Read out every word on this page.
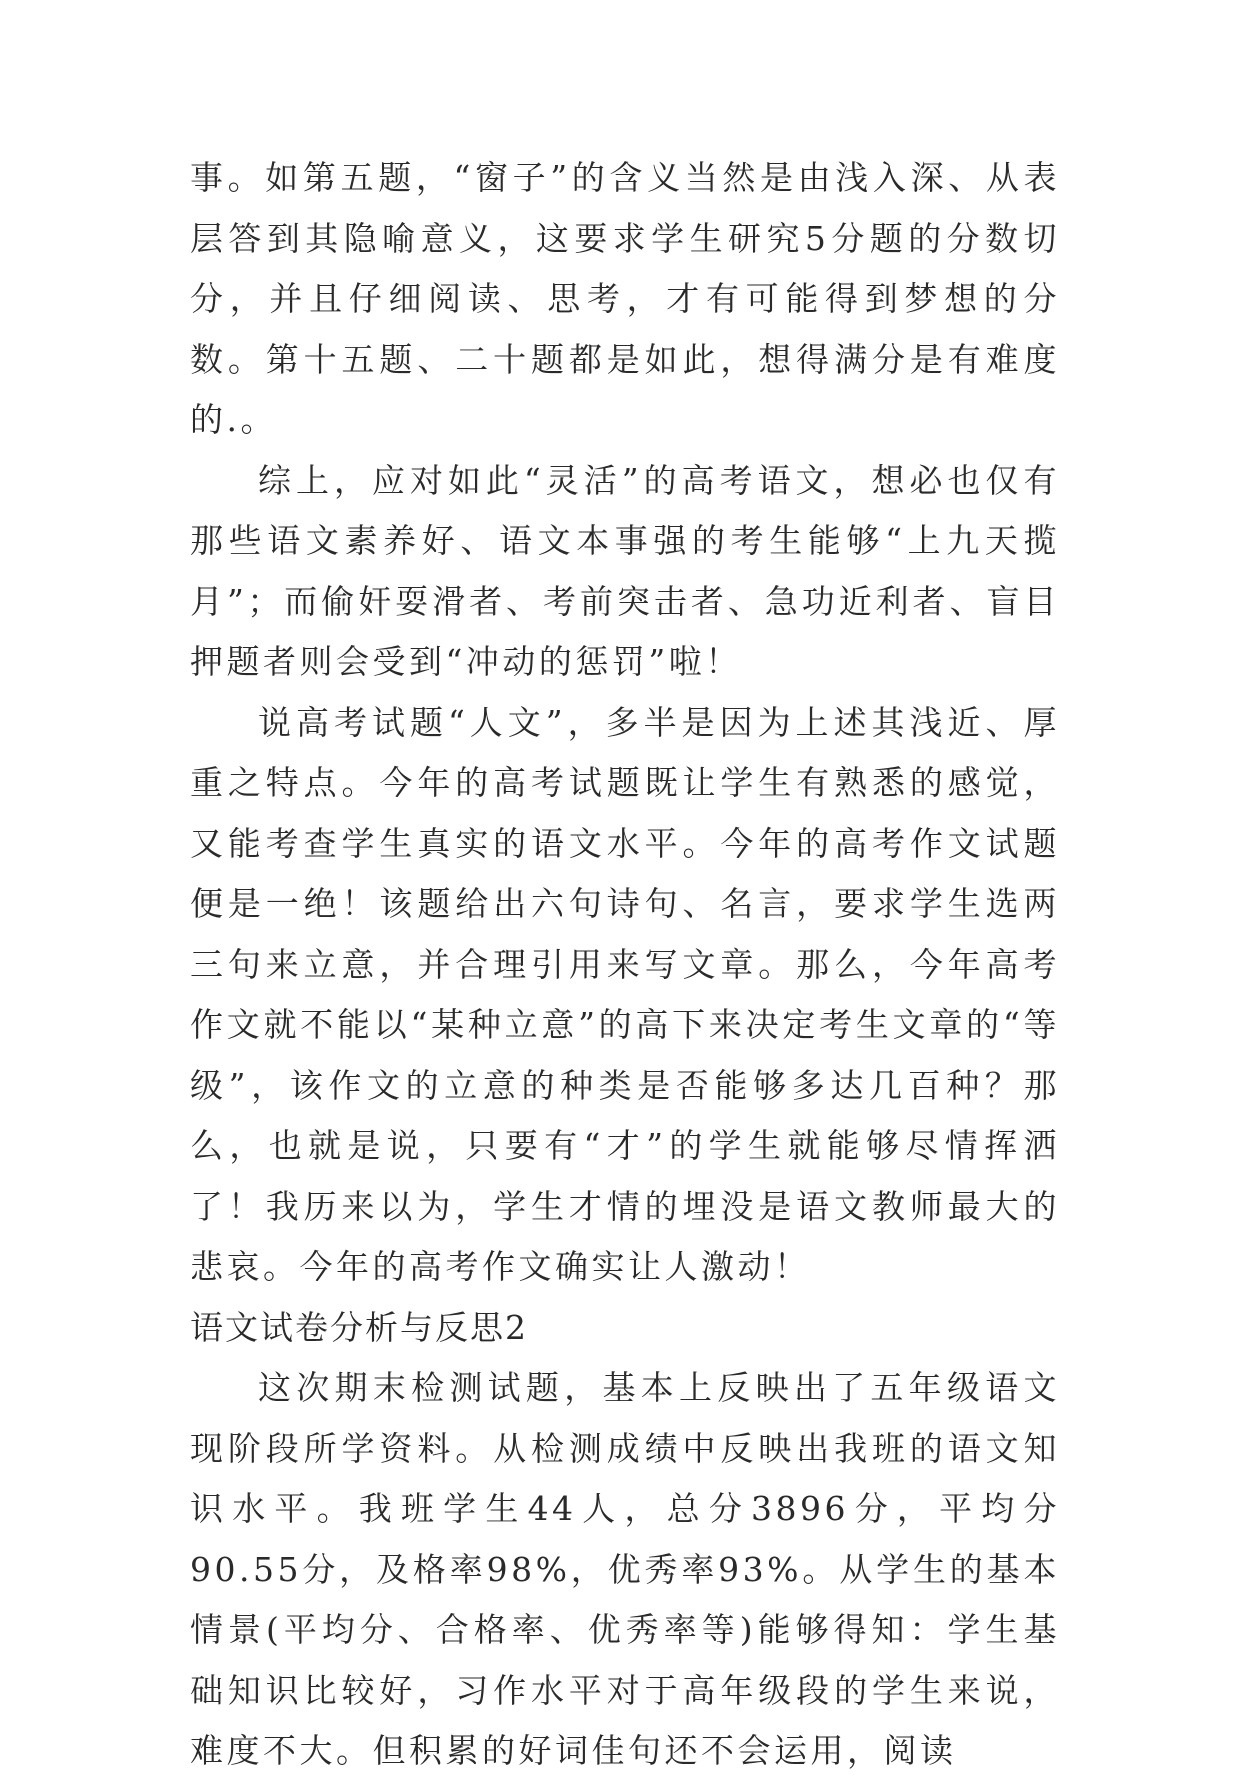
事。如第五题，“窗子”的含义当然是由浅入深、从表层答到其隐喻意义，这要求学生研究5分题的分数切分，并且仔细阅读、思考，才有可能得到梦想的分数。第十五题、二十题都是如此，想得满分是有难度的.。

综上，应对如此“灵活”的高考语文，想必也仅有那些语文素养好、语文本事强的考生能够“上九天揽月”；而偷奸耍滑者、考前突击者、急功近利者、盲目押题者则会受到“冲动的惩罚”啦！

说高考试题“人文”，多半是因为上述其浅近、厚重之特点。今年的高考试题既让学生有熟悉的感觉，又能考查学生真实的语文水平。今年的高考作文试题便是一绝！该题给出六句诗句、名言，要求学生选两三句来立意，并合理引用来写文章。那么，今年高考作文就不能以“某种立意”的高下来决定考生文章的“等级”，该作文的立意的种类是否能够多达几百种？那么，也就是说，只要有“才”的学生就能够尽情挥洒了！我历来以为，学生才情的埋没是语文教师最大的悲哀。今年的高考作文确实让人激动！

语文试卷分析与反思2

这次期末检测试题，基本上反映出了五年级语文现阶段所学资料。从检测成绩中反映出我班的语文知识水平。我班学生44人，总分3896分，平均分90.55分，及格率98%，优秀率93%。从学生的基本情景(平均分、合格率、优秀率等)能够得知：学生基础知识比较好，习作水平对于高年级段的学生来说，难度不大。但积累的好词佳句还不会运用，阅读
